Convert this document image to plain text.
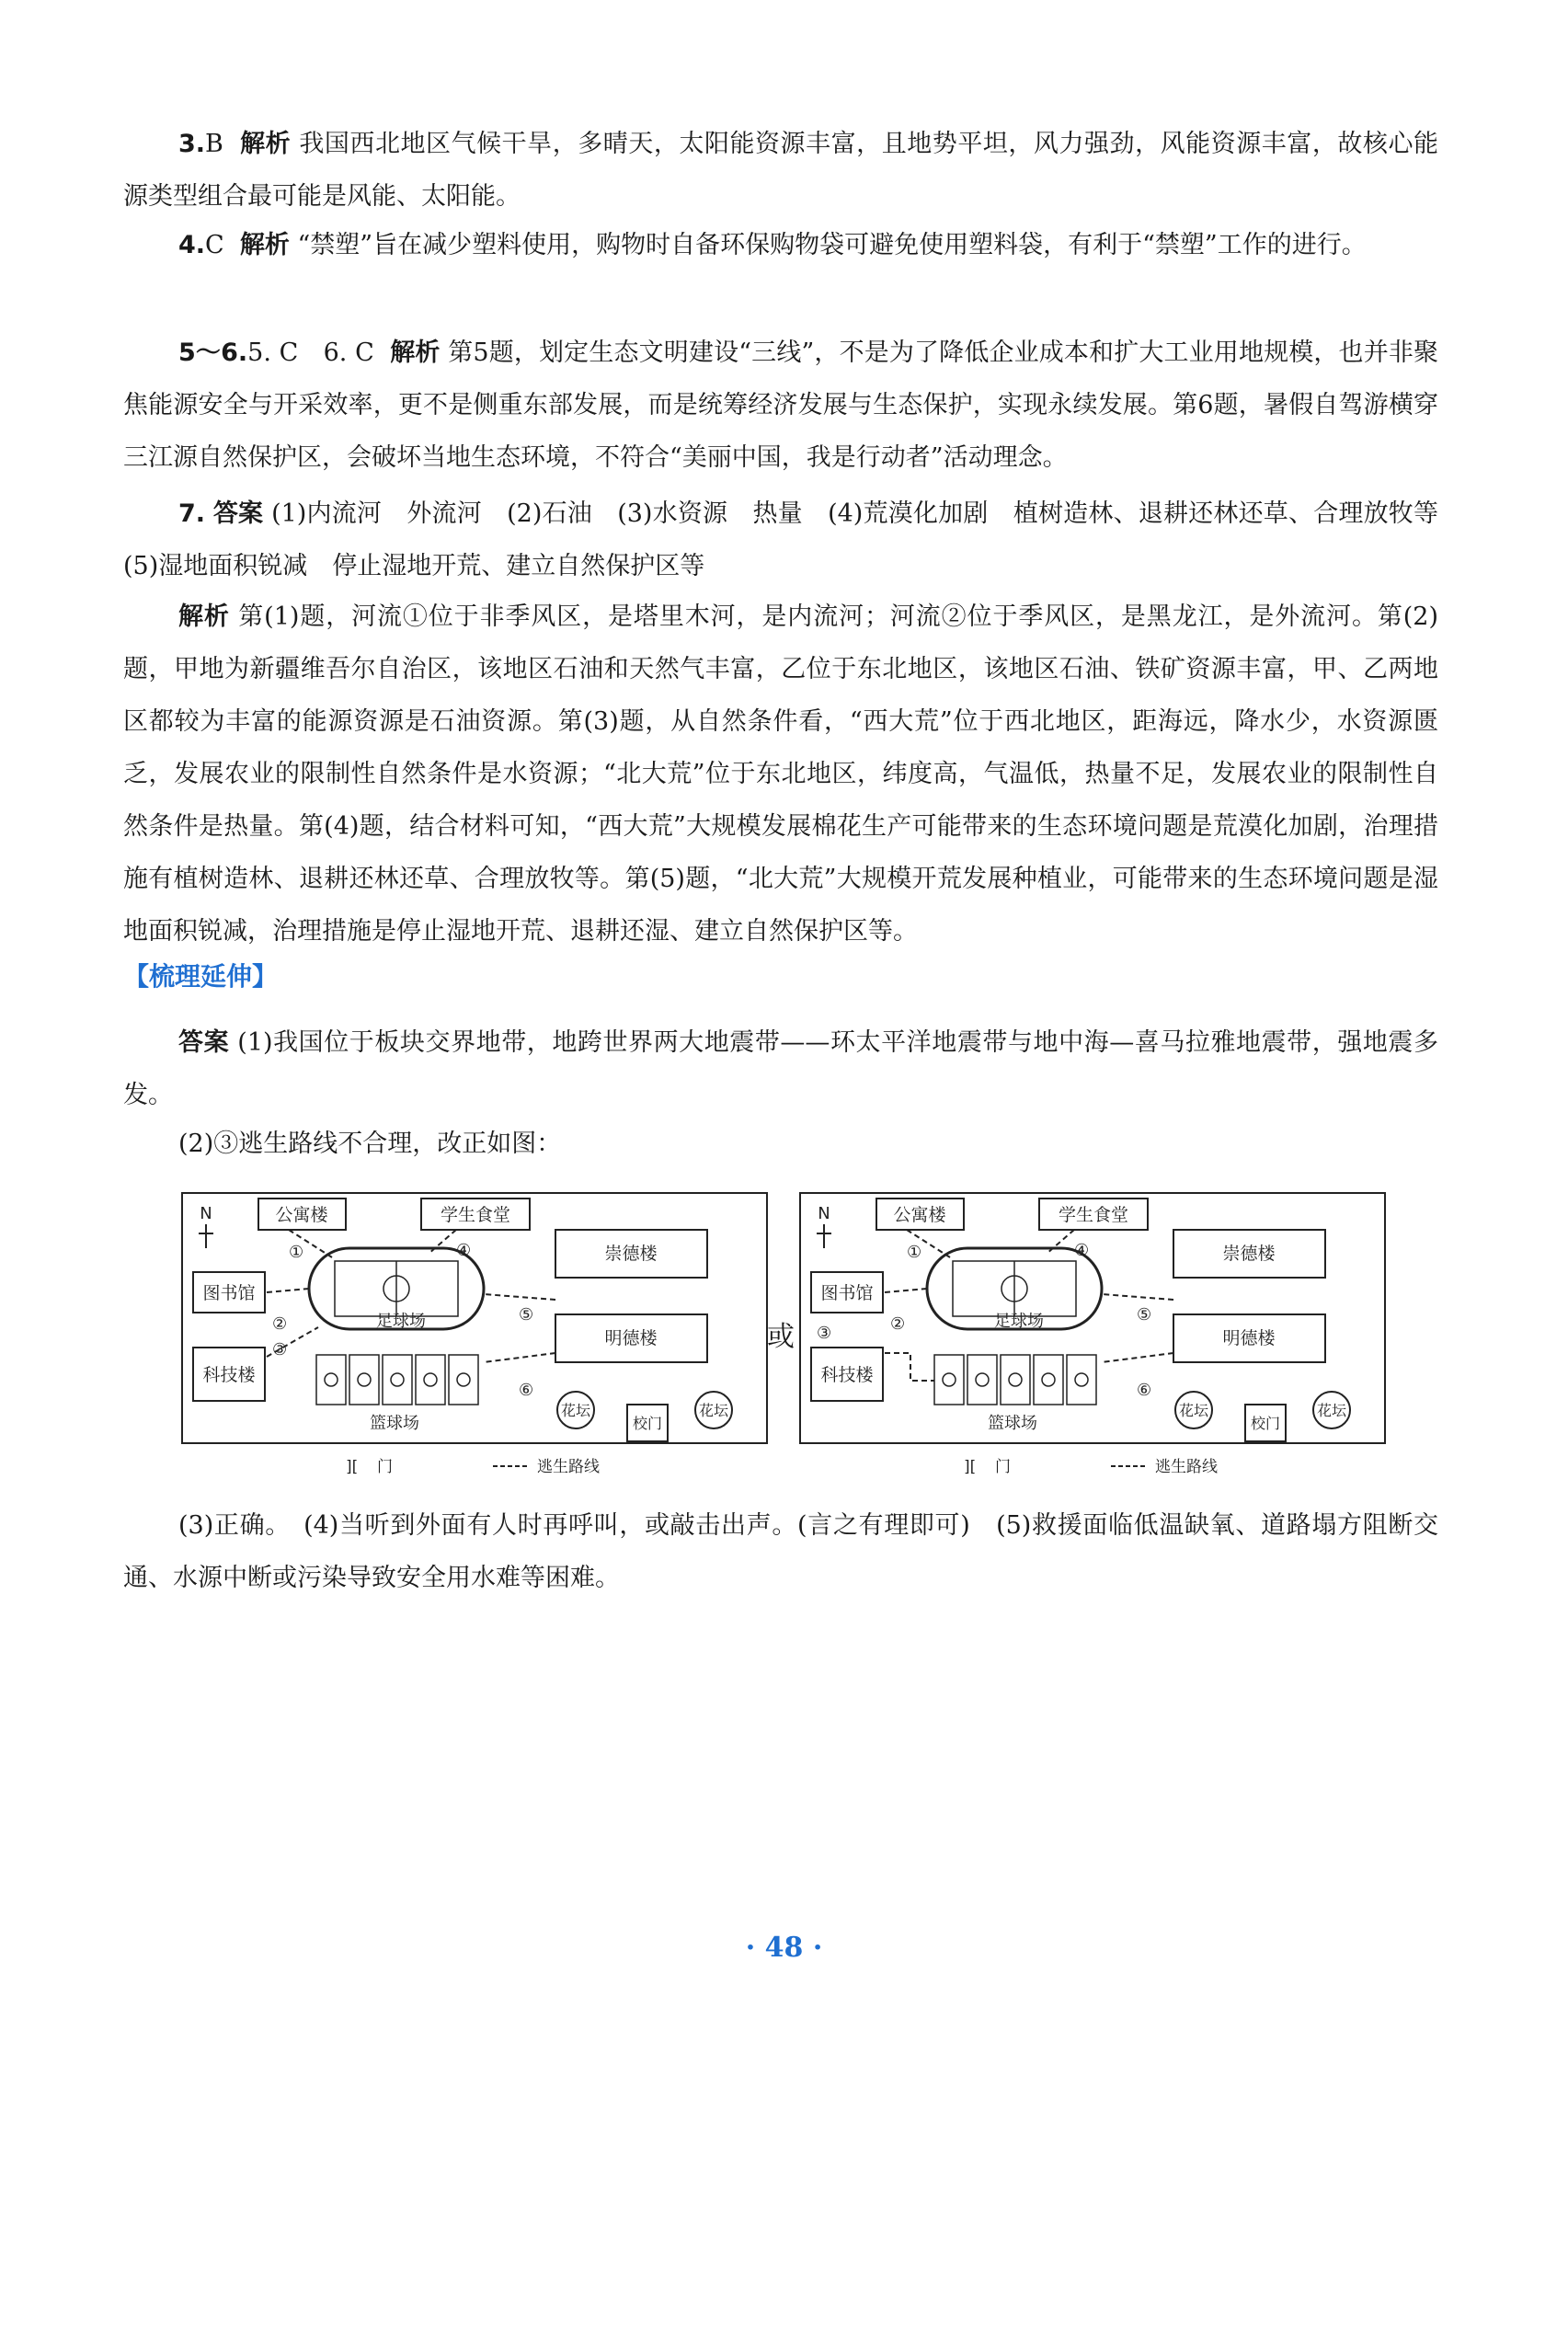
3.B 解析 我国西北地区气候干旱，多晴天，太阳能资源丰富，且地势平坦，风力强劲，风能资源丰富，故核心能源类型组合最可能是风能、太阳能。

4.C 解析 “禁塑”旨在减少塑料使用，购物时自备环保购物袋可避免使用塑料袋，有利于“禁塑”工作的进行。

5～6.5. C　6. C 解析 第5题，划定生态文明建设“三线”，不是为了降低企业成本和扩大工业用地规模，也并非聚焦能源安全与开采效率，更不是侧重东部发展，而是统筹经济发展与生态保护，实现永续发展。第6题，暑假自驾游横穿三江源自然保护区，会破坏当地生态环境，不符合“美丽中国，我是行动者”活动理念。

7. 答案 (1)内流河　外流河　(2)石油　(3)水资源　热量　(4)荒漠化加剧　植树造林、退耕还林还草、合理放牧等　(5)湿地面积锐减　停止湿地开荒、建立自然保护区等

解析 第(1)题，河流①位于非季风区，是塔里木河，是内流河；河流②位于季风区，是黑龙江，是外流河。第(2)题，甲地为新疆维吾尔自治区，该地区石油和天然气丰富，乙位于东北地区，该地区石油、铁矿资源丰富，甲、乙两地区都较为丰富的能源资源是石油资源。第(3)题，从自然条件看，“西大荒”位于西北地区，距海远，降水少，水资源匮乏，发展农业的限制性自然条件是水资源；“北大荒”位于东北地区，纬度高，气温低，热量不足，发展农业的限制性自然条件是热量。第(4)题，结合材料可知，“西大荒”大规模发展棉花生产可能带来的生态环境问题是荒漠化加剧，治理措施有植树造林、退耕还林还草、合理放牧等。第(5)题，“北大荒”大规模开荒发展种植业，可能带来的生态环境问题是湿地面积锐减，治理措施是停止湿地开荒、退耕还湿、建立自然保护区等。

【梳理延伸】

答案 (1)我国位于板块交界地带，地跨世界两大地震带——环太平洋地震带与地中海—喜马拉雅地震带，强地震多发。

(2)③逃生路线不合理，改正如图：

N	公寓楼	学生食堂
图书馆
科技楼
崇德楼
明德楼
足球场
篮球场
花坛
校门
花坛
①	④
②
③
⑤
⑥
][ 门	逃生路线
或
N	公寓楼	学生食堂
图书馆
科技楼
崇德楼
明德楼
足球场
篮球场
花坛
校门
花坛
①	④
②
③
⑤
⑥
][ 门	逃生路线

(3)正确。　(4)当听到外面有人时再呼叫，或敲击出声。(言之有理即可)　(5)救援面临低温缺氧、道路塌方阻断交通、水源中断或污染导致安全用水难等困难。

· 48 ·
